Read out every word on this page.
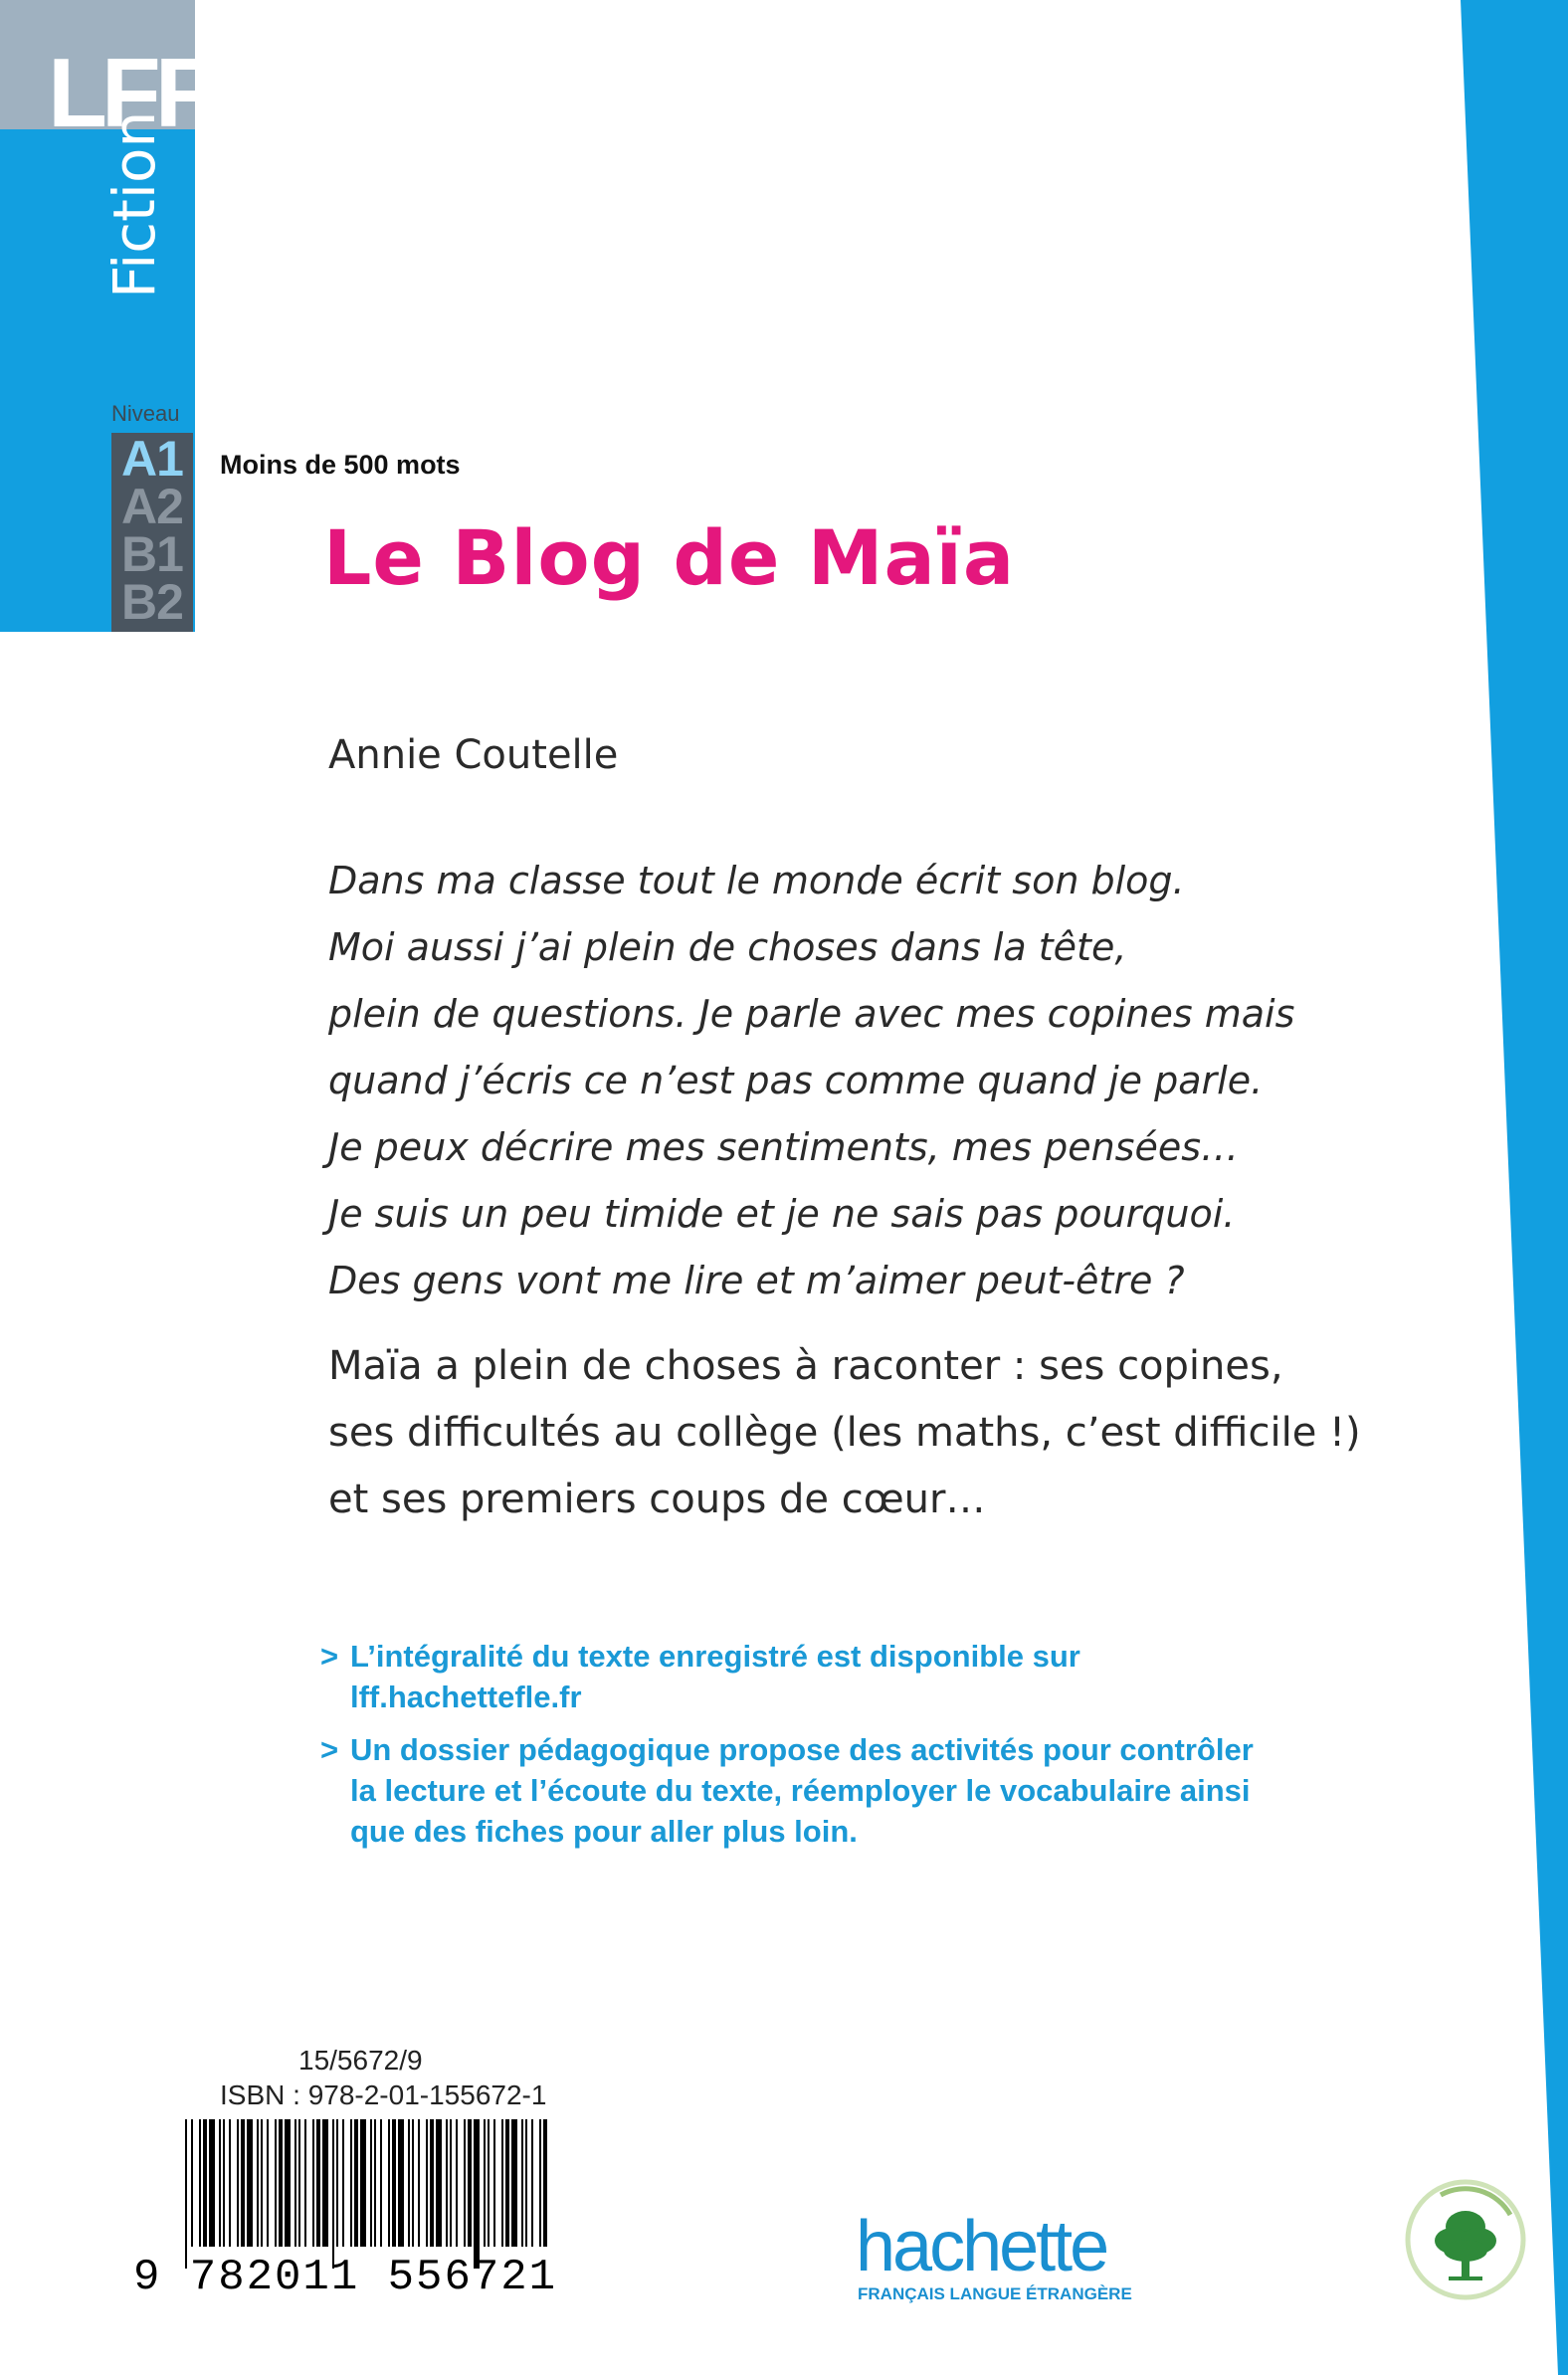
LFF

Fiction
Niveau

A1

A2

B1

B2

Moins de 500 mots
Le Blog de Maïa
Annie Coutelle
Dans ma classe tout le monde écrit son blog.
Moi aussi j’ai plein de choses dans la tête,
plein de questions. Je parle avec mes copines mais
quand j’écris ce n’est pas comme quand je parle.
Je peux décrire mes sentiments, mes pensées…
Je suis un peu timide et je ne sais pas pourquoi.
Des gens vont me lire et m’aimer peut-être ?
Maïa a plein de choses à raconter : ses copines,
ses difficultés au collège (les maths, c’est difficile !)
et ses premiers coups de cœur…
> L’intégralité du texte enregistré est disponible sur
lff.hachettefle.fr
> Un dossier pédagogique propose des activités pour contrôler
la lecture et l’écoute du texte, réemployer le vocabulaire ainsi
que des fiches pour aller plus loin.
15/5672/9
ISBN : 978-2-01-155672-1
9 782011 556721	hachette

FRANÇAIS LANGUE ÉTRANGÈRE
